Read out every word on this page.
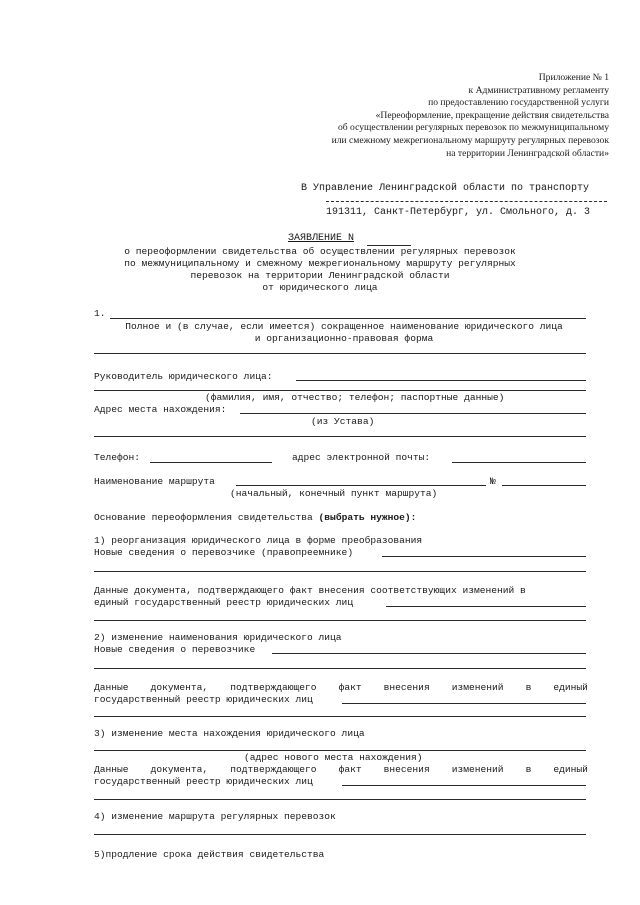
Приложение № 1
к Административному регламенту
по предоставлению государственной услуги
«Переоформление, прекращение действия свидетельства
об осуществлении регулярных перевозок по межмуниципальному
или смежному межрегиональному маршруту регулярных перевозок
на территории Ленинградской области»
В Управление Ленинградской области по транспорту
191311, Санкт-Петербург, ул. Смольного, д. 3
ЗАЯВЛЕНИЕ N
о переоформлении свидетельства об осуществлении регулярных перевозок
по межмуниципальному и смежному межрегиональному маршруту регулярных
перевозок на территории Ленинградской области
от юридического лица
1.
Полное и (в случае, если имеется) сокращенное наименование юридического лица
и организационно-правовая форма
Руководитель юридического лица:
(фамилия, имя, отчество; телефон; паспортные данные)
Адрес места нахождения:
(из Устава)
Телефон:	адрес электронной почты:
Наименование маршрута	№
(начальный, конечный пункт маршрута)
Основание переоформления свидетельства (выбрать нужное):
1) реорганизация юридического лица в форме преобразования
Новые сведения о перевозчике (правопреемнике)
Данные документа, подтверждающего факт внесения соответствующих изменений в
единый государственный реестр юридических лиц
2) изменение наименования юридического лица
Новые сведения о перевозчике
Данные документа, подтверждающего факт внесения изменений в единый
государственный реестр юридических лиц
3) изменение места нахождения юридического лица
(адрес нового места нахождения)
Данные документа, подтверждающего факт внесения изменений в единый
государственный реестр юридических лиц
4) изменение маршрута регулярных перевозок
5)продление срока действия свидетельства
